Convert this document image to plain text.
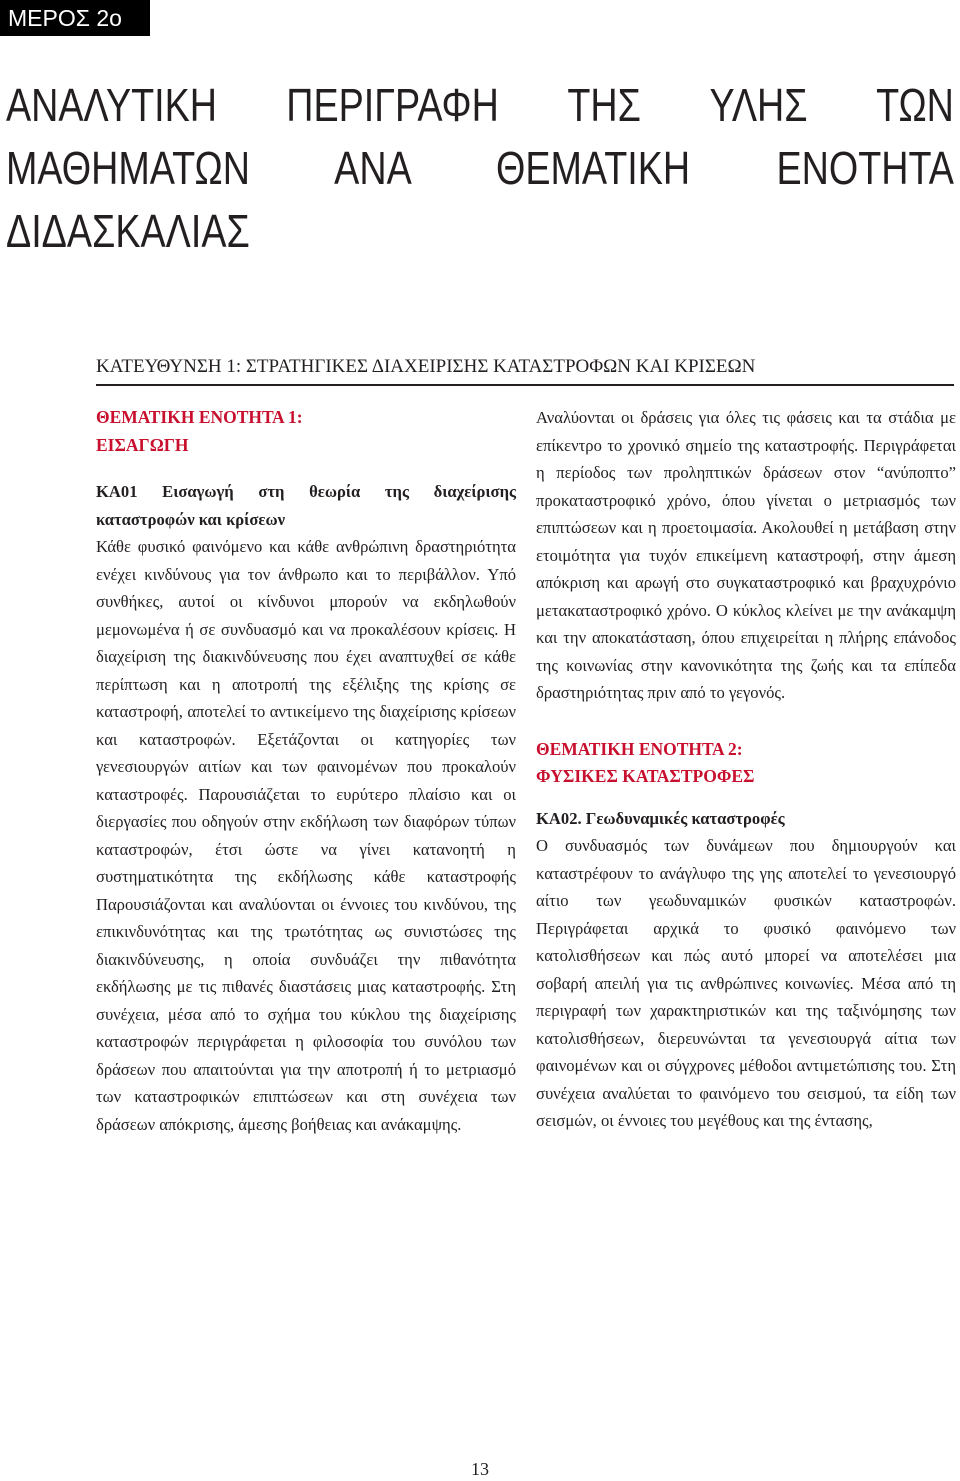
ΜΕΡΟΣ 2ο
ΑΝΑΛΥΤΙΚΗ ΠΕΡΙΓΡΑΦΗ ΤΗΣ ΥΛΗΣ ΤΩΝ
ΜΑΘΗΜΑΤΩΝ ΑΝΑ ΘΕΜΑΤΙΚΗ ΕΝΟΤΗΤΑ
ΔΙΔΑΣΚΑΛΙΑΣ
ΚΑΤΕΥΘΥΝΣΗ 1: ΣΤΡΑΤΗΓΙΚΕΣ ΔΙΑΧΕΙΡΙΣΗΣ ΚΑΤΑΣΤΡΟΦΩΝ ΚΑΙ ΚΡΙΣΕΩΝ
ΘΕΜΑΤΙΚΗ ΕΝΟΤΗΤΑ 1:
ΕΙΣΑΓΩΓΗ

ΚΑ01 Εισαγωγή στη θεωρία της διαχείρισης καταστροφών και κρίσεων

Κάθε φυσικό φαινόμενο και κάθε ανθρώπινη δραστηριότητα ενέχει κινδύνους για τον άνθρωπο και το περιβάλλον. Υπό συνθήκες, αυτοί οι κίνδυνοι μπορούν να εκδηλωθούν μεμονωμένα ή σε συνδυασμό και να προκαλέσουν κρίσεις. Η διαχείριση της διακινδύνευσης που έχει αναπτυχθεί σε κάθε περίπτωση και η αποτροπή της εξέλιξης της κρίσης σε καταστροφή, αποτελεί το αντικείμενο της διαχείρισης κρίσεων και καταστροφών. Εξετάζονται οι κατηγορίες των γενεσιουργών αιτίων και των φαινομένων που προκαλούν καταστροφές. Παρουσιάζεται το ευρύτερο πλαίσιο και οι διεργασίες που οδηγούν στην εκδήλωση των διαφόρων τύπων καταστροφών, έτσι ώστε να γίνει κατανοητή η συστηματικότητα της εκδήλωσης κάθε καταστροφής Παρουσιάζονται και αναλύονται οι έννοιες του κινδύνου, της επικινδυνότητας και της τρωτότητας ως συνιστώσες της διακινδύνευσης, η οποία συνδυάζει την πιθανότητα εκδήλωσης με τις πιθανές διαστάσεις μιας καταστροφής. Στη συνέχεια, μέσα από το σχήμα του κύκλου της διαχείρισης καταστροφών περιγράφεται η φιλοσοφία του συνόλου των δράσεων που απαιτούνται για την αποτροπή ή το μετριασμό των καταστροφικών επιπτώσεων και στη συνέχεια των δράσεων απόκρισης, άμεσης βοήθειας και ανάκαμψης.

Αναλύονται οι δράσεις για όλες τις φάσεις και τα στάδια με επίκεντρο το χρονικό σημείο της καταστροφής. Περιγράφεται η περίοδος των προληπτικών δράσεων στον “ανύποπτο” προκαταστροφικό χρόνο, όπου γίνεται ο μετριασμός των επιπτώσεων και η προετοιμασία. Ακολουθεί η μετάβαση στην ετοιμότητα για τυχόν επικείμενη καταστροφή, στην άμεση απόκριση και αρωγή στο συγκαταστροφικό και βραχυχρόνιο μετακαταστροφικό χρόνο. Ο κύκλος κλείνει με την ανάκαμψη και την αποκατάσταση, όπου επιχειρείται η πλήρης επάνοδος της κοινωνίας στην κανονικότητα της ζωής και τα επίπεδα δραστηριότητας πριν από το γεγονός.

ΘΕΜΑΤΙΚΗ ΕΝΟΤΗΤΑ 2:
ΦΥΣΙΚΕΣ ΚΑΤΑΣΤΡΟΦΕΣ

ΚΑ02. Γεωδυναμικές καταστροφές

Ο συνδυασμός των δυνάμεων που δημιουργούν και καταστρέφουν το ανάγλυφο της γης αποτελεί το γενεσιουργό αίτιο των γεωδυναμικών φυσικών καταστροφών. Περιγράφεται αρχικά το φυσικό φαινόμενο των κατολισθήσεων και πώς αυτό μπορεί να αποτελέσει μια σοβαρή απειλή για τις ανθρώπινες κοινωνίες. Μέσα από τη περιγραφή των χαρακτηριστικών και της ταξινόμησης των κατολισθήσεων, διερευνώνται τα γενεσιουργά αίτια των φαινομένων και οι σύγχρονες μέθοδοι αντιμετώπισης του. Στη συνέχεια αναλύεται το φαινόμενο του σεισμού, τα είδη των σεισμών, οι έννοιες του μεγέθους και της έντασης,

13
